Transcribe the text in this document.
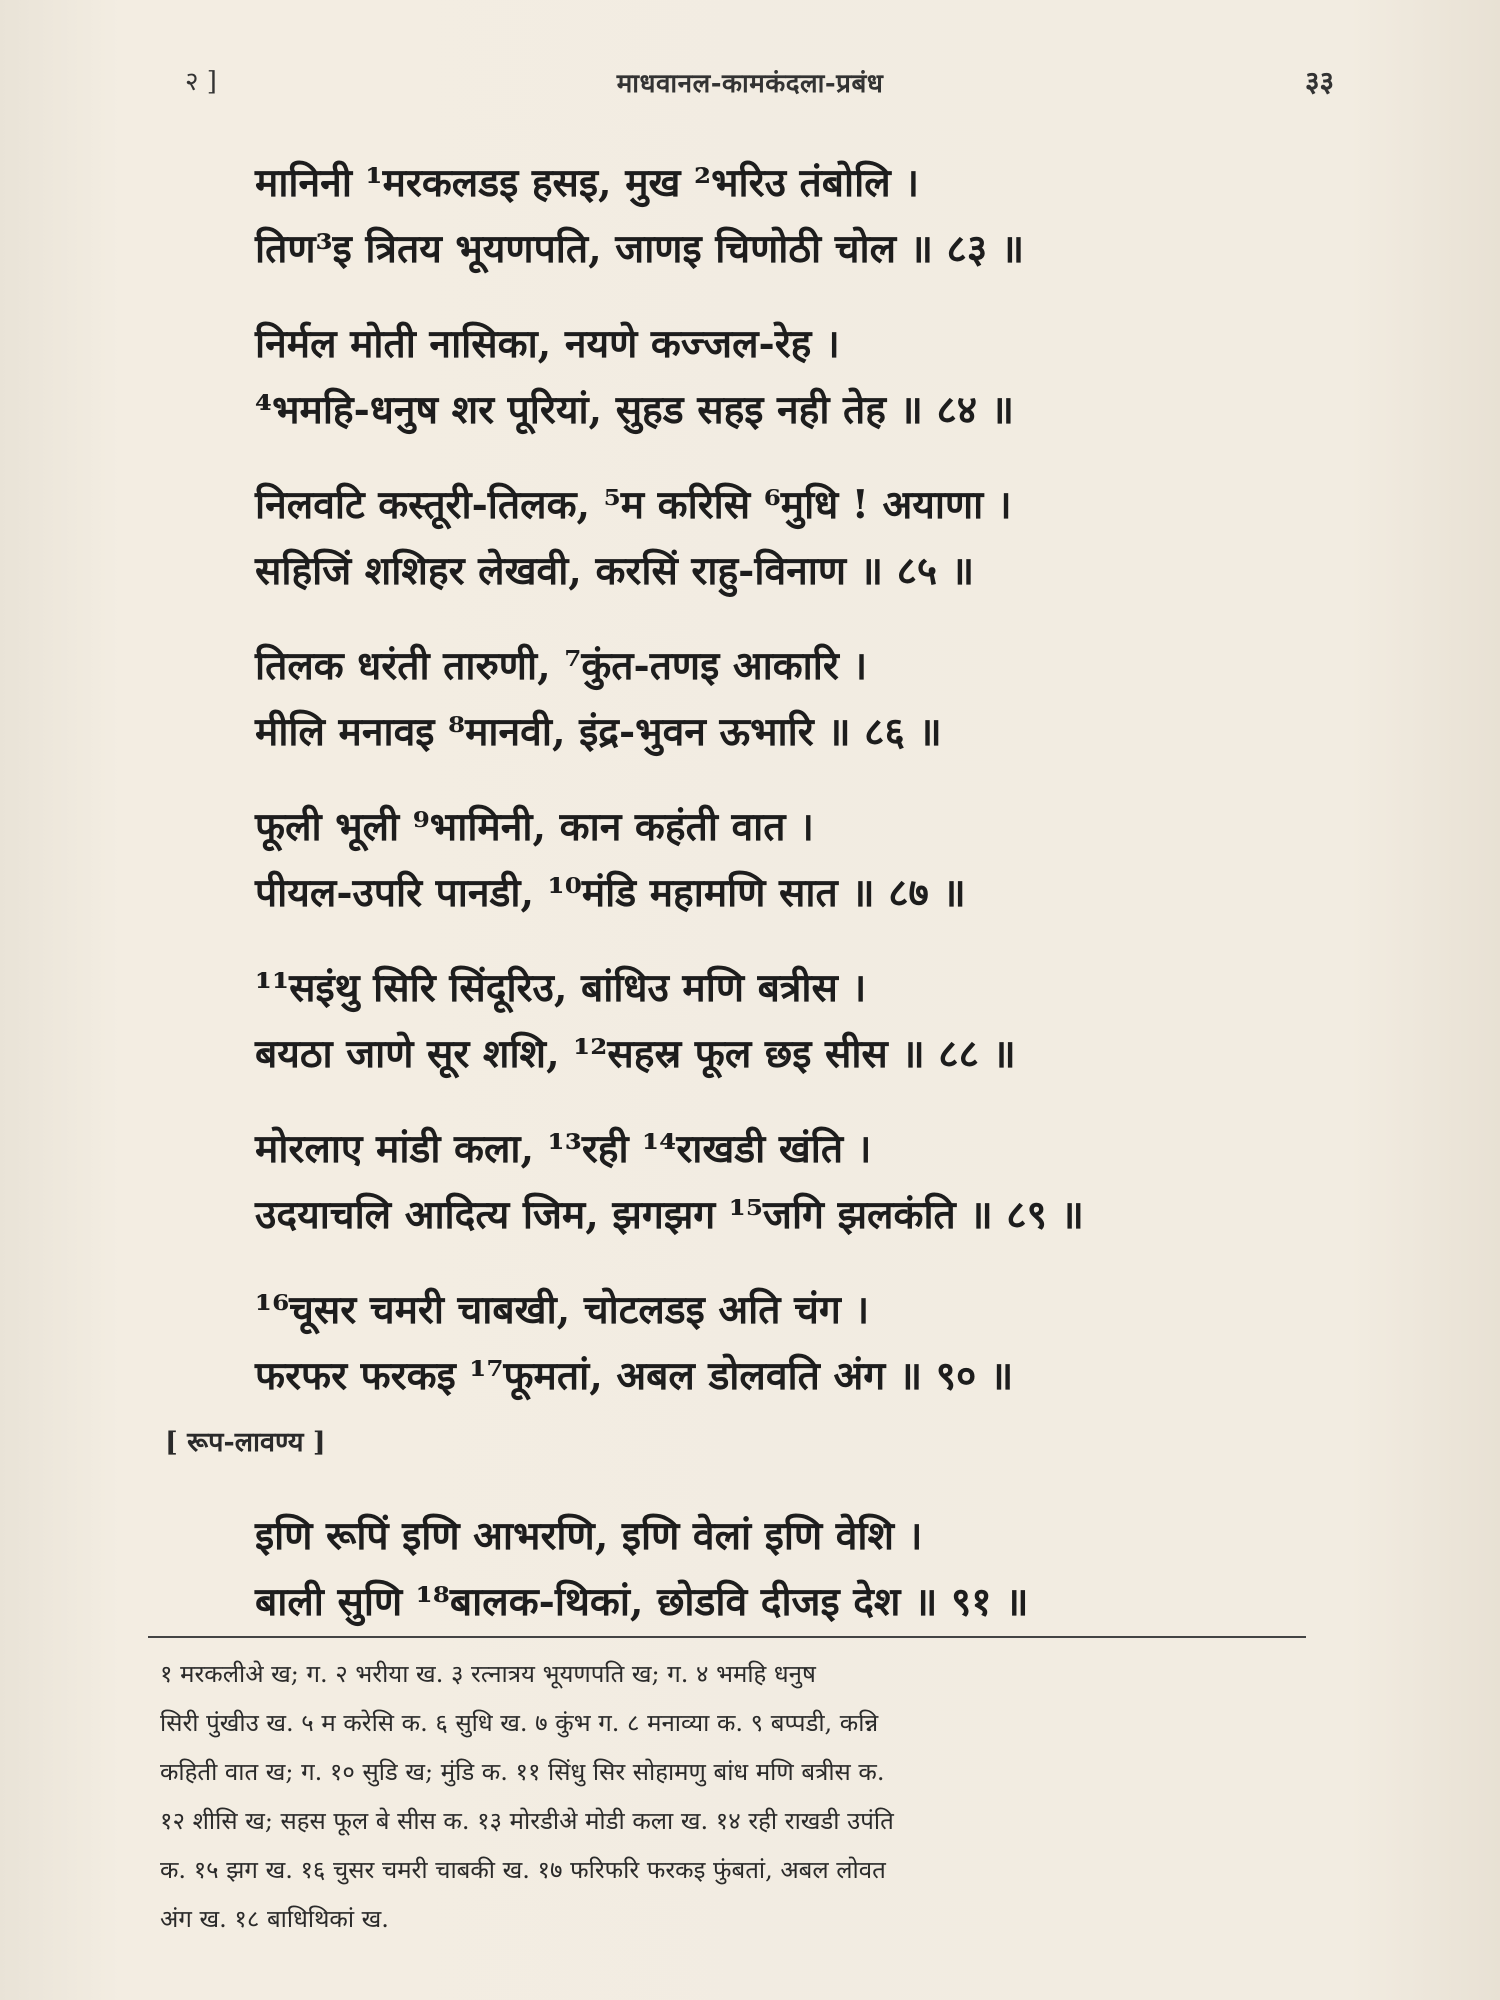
२ ]	माधवानल-कामकंदला-प्रबंध	३३
मानिनी ¹मरकलडइ हसइ, मुख ²भरिउ तंबोलि ।
तिण³इ त्रितय भूयणपति, जाणइ चिणोठी चोल ॥ ८३ ॥
निर्मल मोती नासिका, नयणे कज्जल-रेह ।
⁴भमहि-धनुष शर पूरियां, सुहड सहइ नही तेह ॥ ८४ ॥
निलवटि कस्तूरी-तिलक, ⁵म करिसि ⁶मुधि ! अयाणा ।
सहिजिं शशिहर लेखवी, करसिं राहु-विनाण ॥ ८५ ॥
तिलक धरंती तारुणी, ⁷कुंत-तणइ आकारि ।
मीलि मनावइ ⁸मानवी, इंद्र-भुवन ऊभारि ॥ ८६ ॥
फूली भूली ⁹भामिनी, कान कहंती वात ।
पीयल-उपरि पानडी, ¹⁰मंडि महामणि सात ॥ ८७ ॥
¹¹सइंथु सिरि सिंदूरिउ, बांधिउ मणि बत्रीस ।
बयठा जाणे सूर शशि, ¹²सहस्र फूल छइ सीस ॥ ८८ ॥
मोरलाए मांडी कला, ¹³रही ¹⁴राखडी खंति ।
उदयाचलि आदित्य जिम, झगझग ¹⁵जगि झलकंति ॥ ८९ ॥
¹⁶चूसर चमरी चाबखी, चोटलडइ अति चंग ।
फरफर फरकइ ¹⁷फूमतां, अबल डोलवति अंग ॥ ९० ॥
[ रूप-लावण्य ]
इणि रूपिं इणि आभरणि, इणि वेलां इणि वेशि ।
बाली सुणि ¹⁸बालक-थिकां, छोडवि दीजइ देश ॥ ९१ ॥
१ मरकलीअे ख; ग. २ भरीया ख. ३ रत्नात्रय भूयणपति ख; ग. ४ भमहि धनुष
सिरी पुंखीउ ख. ५ म करेसि क. ६ सुधि ख. ७ कुंभ ग. ८ मनाव्या क. ९ बप्पडी, कन्नि
कहिती वात ख; ग. १० सुडि ख; मुंडि क. ११ सिंधु सिर सोहामणु बांध मणि बत्रीस क.
१२ शीसि ख; सहस फूल बे सीस क. १३ मोरडीअे मोडी कला ख. १४ रही राखडी उपंति
क. १५ झग ख. १६ चुसर चमरी चाबकी ख. १७ फरिफरि फरकइ फुंबतां, अबल लोवत
अंग ख. १८ बाधिथिकां ख.
